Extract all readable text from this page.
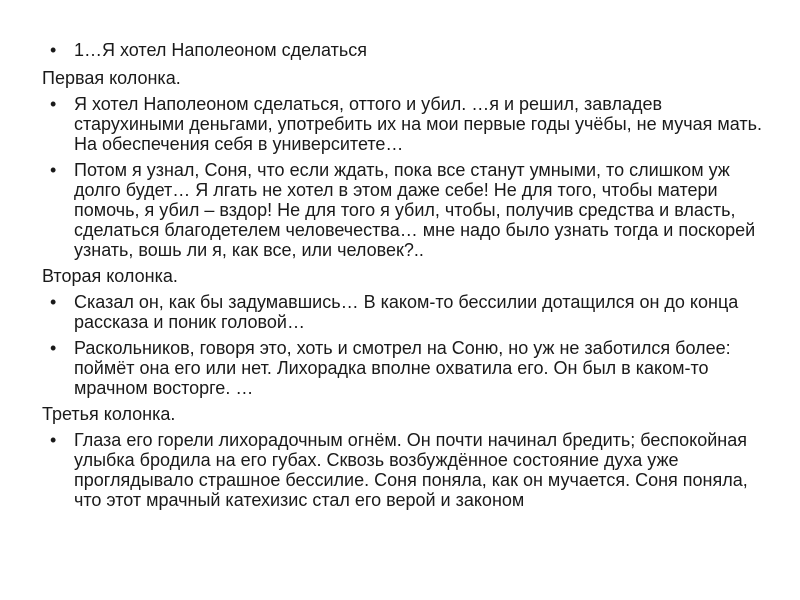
• 1…Я хотел Наполеоном сделаться

Первая колонка.

• Я хотел Наполеоном сделаться, оттого и убил. …я и решил, завладев старухиными деньгами, употребить их на мои первые годы учёбы, не мучая мать. На обеспечения себя в университете…

• Потом я узнал, Соня, что если ждать, пока все станут умными, то слишком уж долго будет… Я лгать не хотел в этом даже себе! Не для того, чтобы матери помочь, я убил – вздор! Не для того я убил, чтобы, получив средства и власть, сделаться благодетелем человечества… мне надо было узнать тогда и поскорей узнать, вошь ли я, как все, или человек?..

Вторая колонка.

• Сказал он, как бы задумавшись… В каком-то бессилии дотащился он до конца рассказа и поник головой…

• Раскольников, говоря это, хоть и смотрел на Соню, но уж не заботился более: поймёт она его или нет. Лихорадка вполне охватила его. Он был в каком-то мрачном восторге. …

Третья колонка.

• Глаза его горели лихорадочным огнём. Он почти начинал бредить; беспокойная улыбка бродила на его губах. Сквозь возбуждённое состояние духа уже проглядывало страшное бессилие. Соня поняла, как он мучается. Соня поняла, что этот мрачный катехизис стал его верой и законом
